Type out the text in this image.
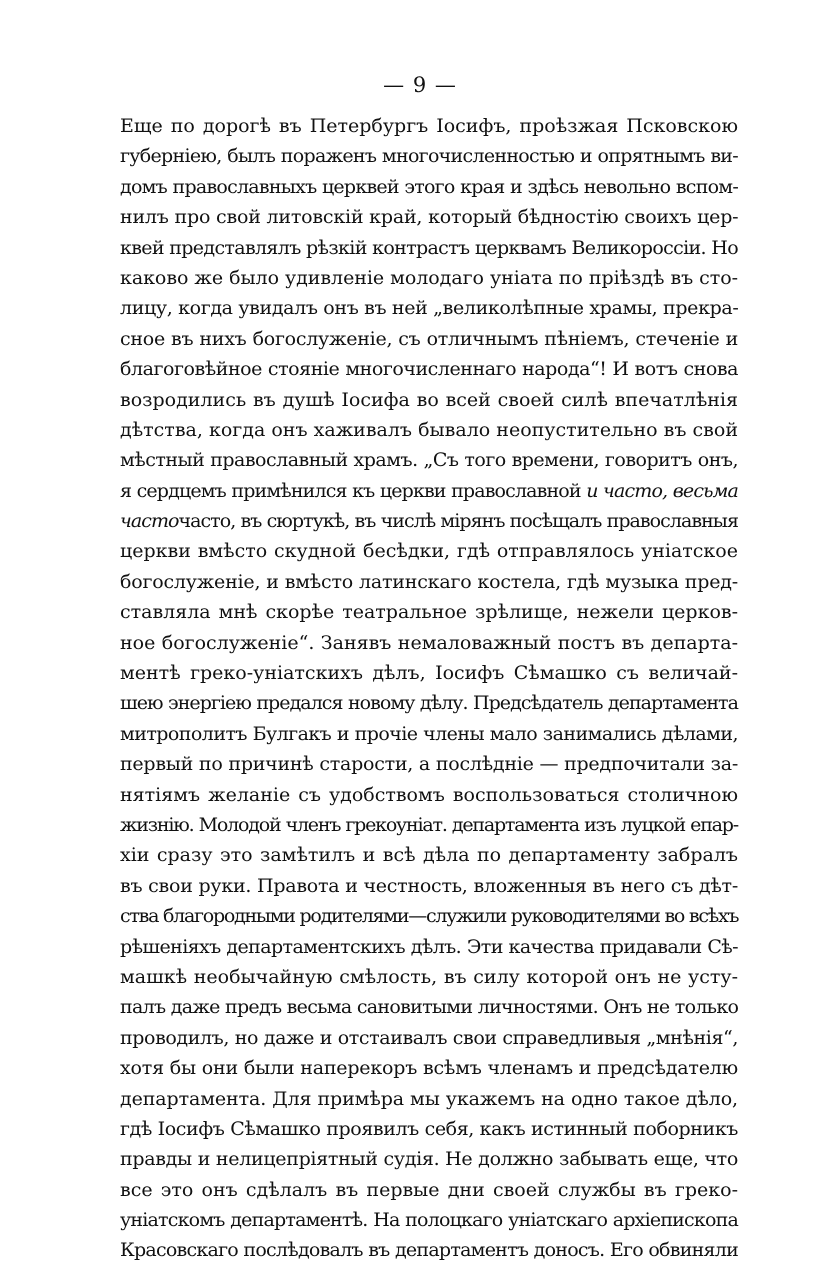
— 9 —
Еще по дорогѣ въ Петербургъ Іосифъ, проѣзжая Псковскою
губерніею, былъ пораженъ многочисленностью и опрятнымъ ви-
домъ православныхъ церквей этого края и здѣсь невольно вспом-
нилъ про свой литовскій край, который бѣдностію своихъ цер-
квей представлялъ рѣзкій контрастъ церквамъ Великороссіи. Но
каково же было удивленіе молодаго уніата по пріѣздѣ въ сто-
лицу, когда увидалъ онъ въ ней „великолѣпные храмы, прекра-
сное въ нихъ богослуженіе, съ отличнымъ пѣніемъ, стеченіе и
благоговѣйное стояніе многочисленнаго народа“! И вотъ снова
возродились въ душѣ Іосифа во всей своей силѣ впечатлѣнія
дѣтства, когда онъ хаживалъ бывало неопустительно въ свой
мѣстный православный храмъ. „Съ того времени, говоритъ онъ,
я сердцемъ примѣнился къ церкви православной и часто, весьма
часточасто, въ сюртукѣ, въ числѣ мірянъ посѣщалъ православныя
церкви вмѣсто скудной бесѣдки, гдѣ отправлялось уніатское
богослуженіе, и вмѣсто латинскаго костела, гдѣ музыка пред-
ставляла мнѣ скорѣе театральное зрѣлище, нежели церков-
ное богослуженіе“. Занявъ немаловажный постъ въ департа-
ментѣ греко-уніатскихъ дѣлъ, Іосифъ Сѣмашко съ величай-
шею энергіею предался новому дѣлу. Предсѣдатель департамента
митрополитъ Булгакъ и прочіе члены мало занимались дѣлами,
первый по причинѣ старости, а послѣдніе — предпочитали за-
нятіямъ желаніе съ удобствомъ воспользоваться столичною
жизнію. Молодой членъ грекоуніат. департамента изъ луцкой епар-
хіи сразу это замѣтилъ и всѣ дѣла по департаменту забралъ
въ свои руки. Правота и честность, вложенныя въ него съ дѣт-
ства благородными родителями—служили руководителями во всѣхъ
рѣшеніяхъ департаментскихъ дѣлъ. Эти качества придавали Сѣ-
машкѣ необычайную смѣлость, въ силу которой онъ не усту-
палъ даже предъ весьма сановитыми личностями. Онъ не только
проводилъ, но даже и отстаивалъ свои справедливыя „мнѣнія“,
хотя бы они были наперекоръ всѣмъ членамъ и предсѣдателю
департамента. Для примѣра мы укажемъ на одно такое дѣло,
гдѣ Іосифъ Сѣмашко проявилъ себя, какъ истинный поборникъ
правды и нелицепріятный судія. Не должно забывать еще, что
все это онъ сдѣлалъ въ первые дни своей службы въ греко-
уніатскомъ департаментѣ. На полоцкаго уніатскаго архіепископа
Красовскаго послѣдовалъ въ департаментъ доносъ. Его обвиняли
